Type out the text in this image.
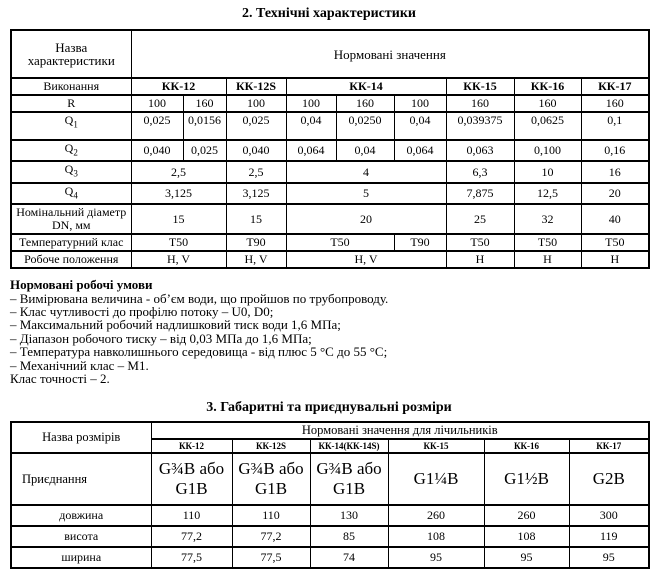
2. Технічні характеристики
Назва характеристики	Нормовані значення								
Виконання	КК-12		КК-12S	КК-14			КК-15	КК-16	КК-17
R	100	160	100	100	160	100	160	160	160
$Q_1$	0,025	0,0156	0,025	0,04	0,0250	0,04	0,039375	0,0625	0,1
$Q_2$	0,040	0,025	0,040	0,064	0,04	0,064	0,063	0,100	0,16
$Q_3$	2,5		2,5	4			6,3	10	16
$Q_4$	3,125		3,125	5			7,875	12,5	20
Номінальний діаметр DN, мм	15		15	20			25	32	40
Температурний клас	T50		T90	T50		T90	T50	T50	T50
Робоче положення	H, V		H, V	H, V			H	H	H
Нормовані робочі умови
– Вимірювана величина - об’єм води, що пройшов по трубопроводу.
– Клас чутливості до профілю потоку – U0, D0;
– Максимальний робочий надлишковий тиск води 1,6 МПа;
– Діапазон робочого тиску – від 0,03 МПа до 1,6 МПа;
– Температура навколишнього середовища - від плюс 5 °С до 55 °С;
– Механічний клас – М1.
Клас точності – 2.
3. Габаритні та приєднувальні розміри
Назва розмірів	Нормовані значення для лічильників					
	КК-12	КК-12S	КК-14(КК-14S)	КК-15	КК-16	КК-17
Приєднання	G¾B або G1B	G¾B або G1B	G¾B або G1B	G1¼B	G1½B	G2B
довжина	110	110	130	260	260	300
висота	77,2	77,2	85	108	108	119
ширина	77,5	77,5	74	95	95	95
